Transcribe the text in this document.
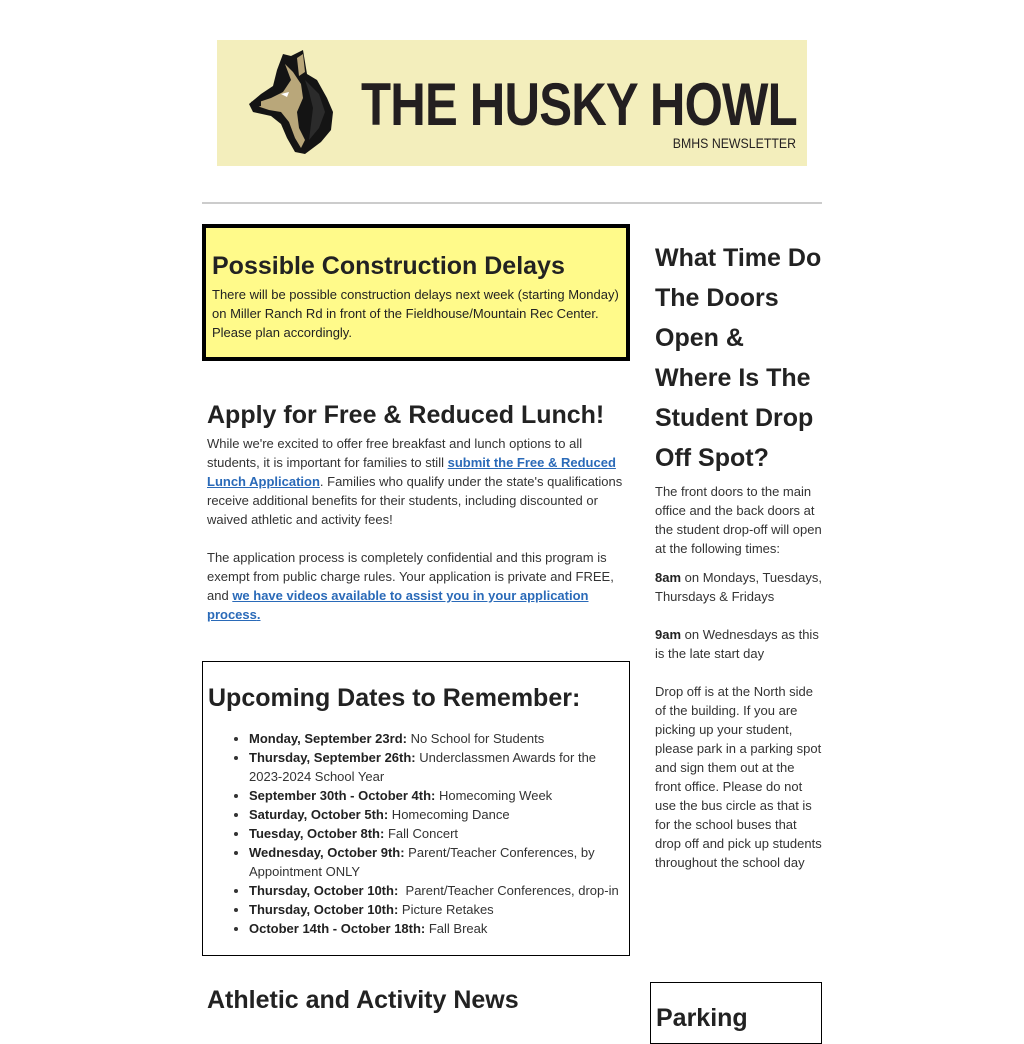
THE HUSKY HOWL
BMHS NEWSLETTER
Possible Construction Delays

There will be possible construction delays next week (starting Monday) on Miller Ranch Rd in front of the Fieldhouse/Mountain Rec Center. Please plan accordingly.

Apply for Free & Reduced Lunch!

While we're excited to offer free breakfast and lunch options to all students, it is important for families to still submit the Free & Reduced Lunch Application. Families who qualify under the state's qualifications receive additional benefits for their students, including discounted or waived athletic and activity fees!

The application process is completely confidential and this program is exempt from public charge rules. Your application is private and FREE, and we have videos available to assist you in your application process.

Upcoming Dates to Remember:
• Monday, September 23rd: No School for Students
• Thursday, September 26th: Underclassmen Awards for the 2023-2024 School Year
• September 30th - October 4th: Homecoming Week
• Saturday, October 5th: Homecoming Dance
• Tuesday, October 8th: Fall Concert
• Wednesday, October 9th: Parent/Teacher Conferences, by Appointment ONLY
• Thursday, October 10th:  Parent/Teacher Conferences, drop-in
• Thursday, October 10th: Picture Retakes
• October 14th - October 18th: Fall Break
Athletic and Activity News
What Time Do The Doors Open & Where Is The Student Drop Off Spot?

The front doors to the main office and the back doors at the student drop-off will open at the following times:

8am on Mondays, Tuesdays, Thursdays & Fridays

9am on Wednesdays as this is the late start day

Drop off is at the North side of the building. If you are picking up your student, please park in a parking spot and sign them out at the front office. Please do not use the bus circle as that is for the school buses that drop off and pick up students throughout the school day

Parking
